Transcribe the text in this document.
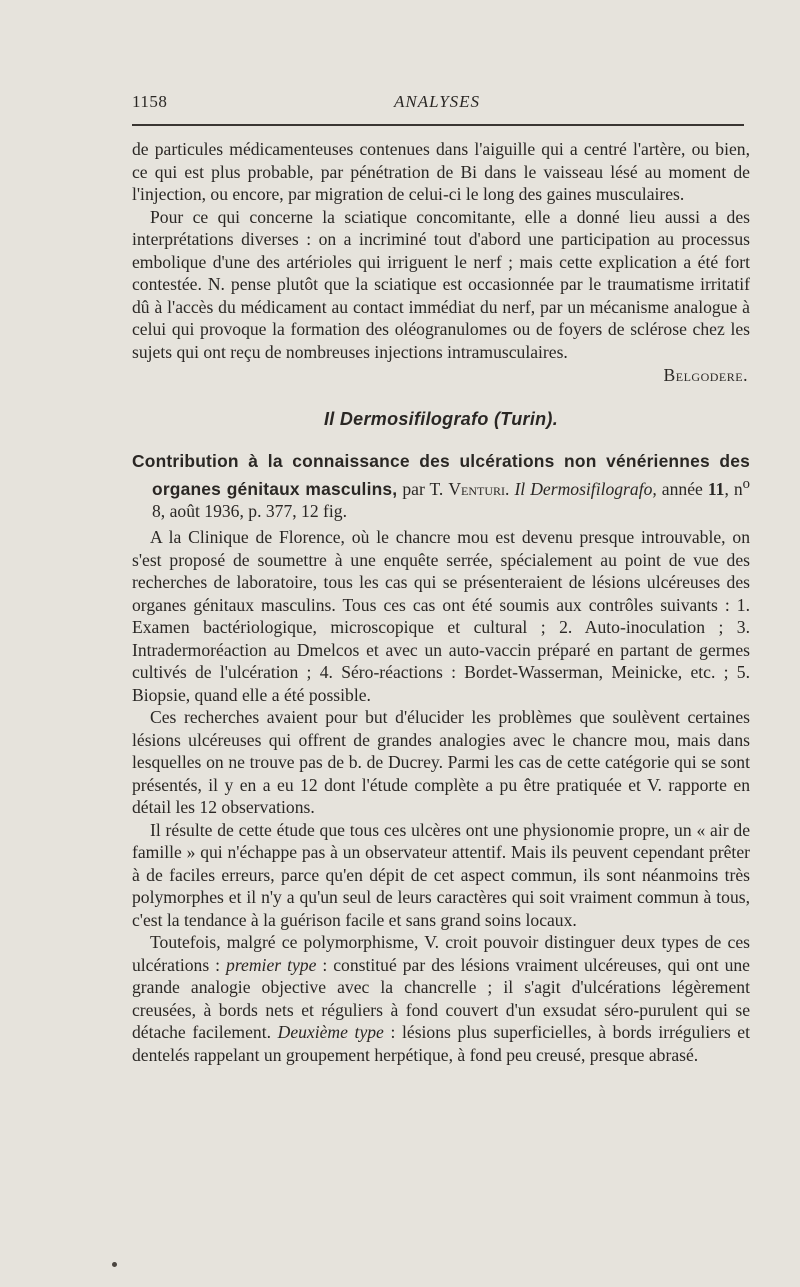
1158	ANALYSES

de particules médicamenteuses contenues dans l'aiguille qui a centré l'artère, ou bien, ce qui est plus probable, par pénétration de Bi dans le vaisseau lésé au moment de l'injection, ou encore, par migration de celui-ci le long des gaines musculaires.

Pour ce qui concerne la sciatique concomitante, elle a donné lieu aussi a des interprétations diverses : on a incriminé tout d'abord une participation au processus embolique d'une des artérioles qui irriguent le nerf ; mais cette explication a été fort contestée. N. pense plutôt que la sciatique est occasionnée par le traumatisme irritatif dû à l'accès du médicament au contact immédiat du nerf, par un mécanisme analogue à celui qui provoque la formation des oléogranulomes ou de foyers de sclérose chez les sujets qui ont reçu de nombreuses injections intramusculaires.

Belgodere.

Il Dermosifilografo (Turin).

Contribution à la connaissance des ulcérations non vénériennes des organes génitaux masculins, par T. Venturi. Il Dermosifilografo, année 11, $n^o$ 8, août 1936, p. 377, 12 fig.

A la Clinique de Florence, où le chancre mou est devenu presque introuvable, on s'est proposé de soumettre à une enquête serrée, spécialement au point de vue des recherches de laboratoire, tous les cas qui se présenteraient de lésions ulcéreuses des organes génitaux masculins. Tous ces cas ont été soumis aux contrôles suivants : 1. Examen bactériologique, microscopique et cultural ; 2. Auto-inoculation ; 3. Intradermoréaction au Dmelcos et avec un auto-vaccin préparé en partant de germes cultivés de l'ulcération ; 4. Séro-réactions : Bordet-Wasserman, Meinicke, etc. ; 5. Biopsie, quand elle a été possible.

Ces recherches avaient pour but d'élucider les problèmes que soulèvent certaines lésions ulcéreuses qui offrent de grandes analogies avec le chancre mou, mais dans lesquelles on ne trouve pas de b. de Ducrey. Parmi les cas de cette catégorie qui se sont présentés, il y en a eu 12 dont l'étude complète a pu être pratiquée et V. rapporte en détail les 12 observations.

Il résulte de cette étude que tous ces ulcères ont une physionomie propre, un « air de famille » qui n'échappe pas à un observateur attentif. Mais ils peuvent cependant prêter à de faciles erreurs, parce qu'en dépit de cet aspect commun, ils sont néanmoins très polymorphes et il n'y a qu'un seul de leurs caractères qui soit vraiment commun à tous, c'est la tendance à la guérison facile et sans grand soins locaux.

Toutefois, malgré ce polymorphisme, V. croit pouvoir distinguer deux types de ces ulcérations : premier type : constitué par des lésions vraiment ulcéreuses, qui ont une grande analogie objective avec la chancrelle ; il s'agit d'ulcérations légèrement creusées, à bords nets et réguliers à fond couvert d'un exsudat séro-purulent qui se détache facilement. Deuxième type : lésions plus superficielles, à bords irréguliers et dentelés rappelant un groupement herpétique, à fond peu creusé, presque abrasé.
